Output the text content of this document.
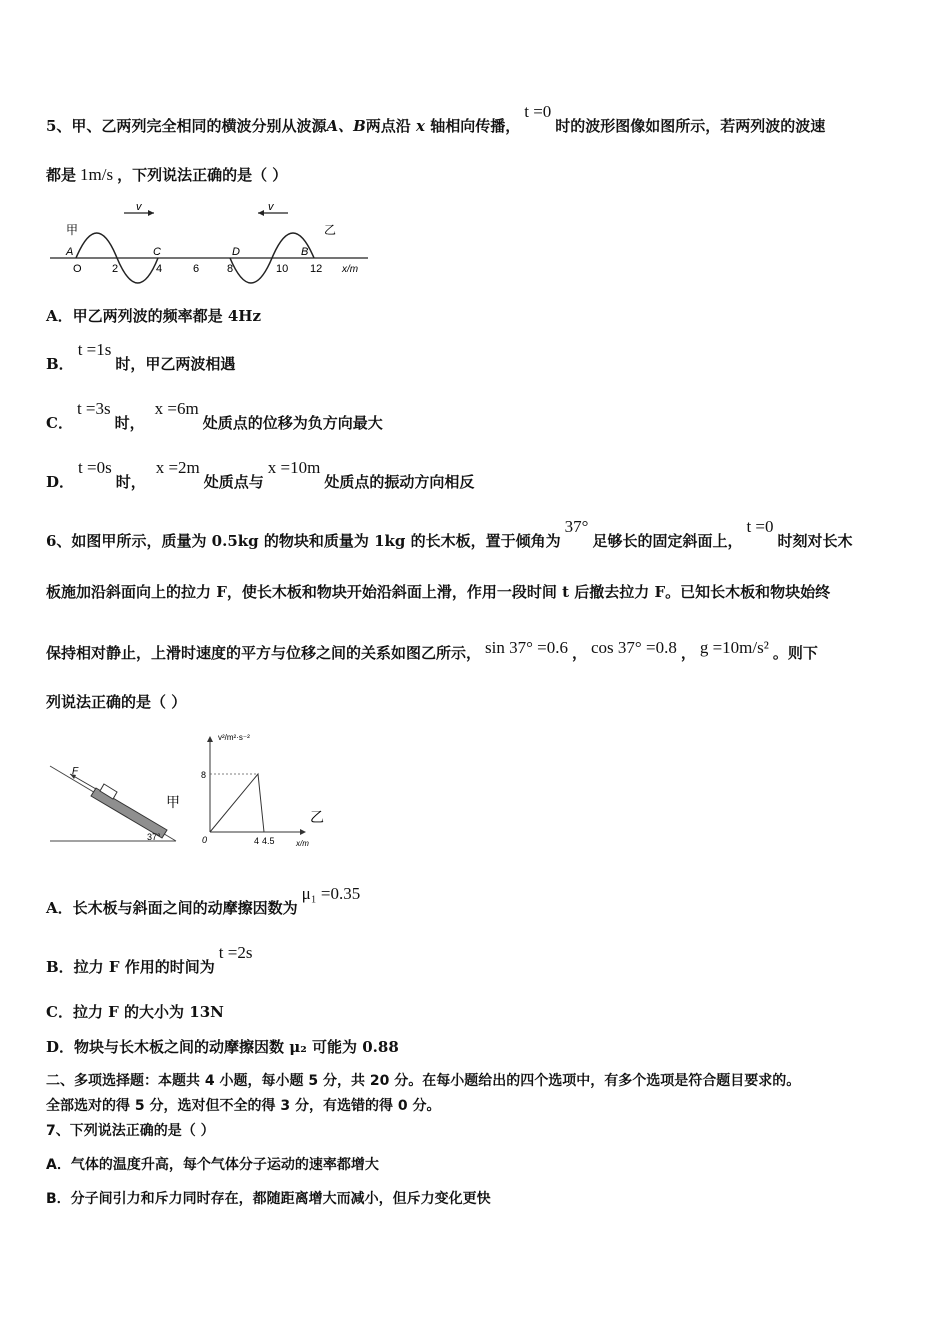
5、甲、乙两列完全相同的横波分别从波源A、B两点沿 x 轴相向传播，t =0时的波形图像如图所示，若两列波的波速
都是 1m/s ，下列说法正确的是（ ）
v	v
甲	乙
A	C	D	B
O	2	4	6	8	10 12 x/m
A．甲乙两列波的频率都是 4Hz
B．t =1s时，甲乙两波相遇
C．t =3s时，x =6m处质点的位移为负方向最大
D．t =0s时，x =2m处质点与x =10m处质点的振动方向相反
6、如图甲所示，质量为 0.5kg 的物块和质量为 1kg 的长木板，置于倾角为37°足够长的固定斜面上，t =0时刻对长木
板施加沿斜面向上的拉力 F，使长木板和物块开始沿斜面上滑，作用一段时间 t 后撤去拉力 F。已知长木板和物块始终
保持相对静止，上滑时速度的平方与位移之间的关系如图乙所示， sin 37° =0.6 ， cos 37° =0.8 ， g =10m/s² 。则下
列说法正确的是（ ）
F
37°
甲
v²/m²·s⁻²
8
0	4 4.5	x/m
乙
A．长木板与斜面之间的动摩擦因数为μ₁ =0.35
B．拉力 F 作用的时间为t =2s
C．拉力 F 的大小为 13N
D．物块与长木板之间的动摩擦因数 μ₂ 可能为 0.88
二、多项选择题：本题共 4 小题，每小题 5 分，共 20 分。在每小题给出的四个选项中，有多个选项是符合题目要求的。
全部选对的得 5 分，选对但不全的得 3 分，有选错的得 0 分。
7、下列说法正确的是（ ）
A．气体的温度升高，每个气体分子运动的速率都增大
B．分子间引力和斥力同时存在，都随距离增大而减小，但斥力变化更快
